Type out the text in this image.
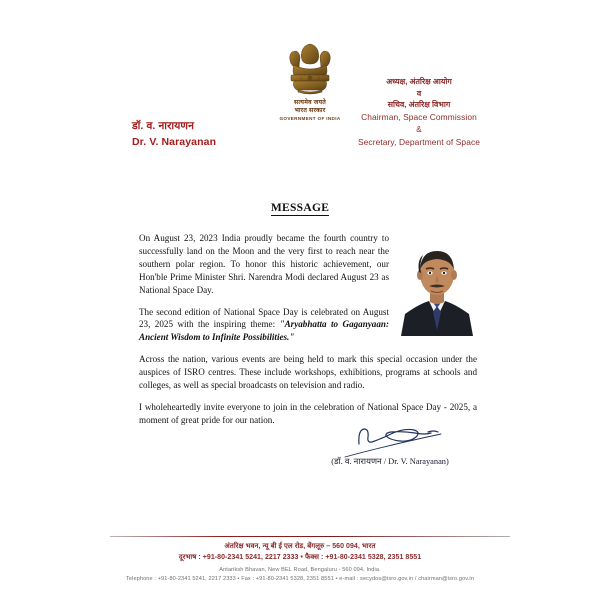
डॉ. व. नारायणन
Dr. V. Narayanan
सत्यमेव जयते
भारत सरकार
GOVERNMENT OF INDIA
अध्यक्ष, अंतरिक्ष आयोग
व
सचिव, अंतरिक्ष विभाग
Chairman, Space Commission
&
Secretary, Department of Space
MESSAGE

On August 23, 2023 India proudly became the fourth country to successfully land on the Moon and the very first to reach near the southern polar region. To honor this historic achievement, our Hon'ble Prime Minister Shri. Narendra Modi declared August 23 as National Space Day.

The second edition of National Space Day is celebrated on August 23, 2025 with the inspiring theme: "Aryabhatta to Gaganyaan: Ancient Wisdom to Infinite Possibilities."

Across the nation, various events are being held to mark this special occasion under the auspices of ISRO centres. These include workshops, exhibitions, programs at schools and colleges, as well as special broadcasts on television and radio.

I wholeheartedly invite everyone to join in the celebration of National Space Day - 2025, a moment of great pride for our nation.

(डॉ. व. नारायणन / Dr. V. Narayanan)
अंतरिक्ष भवन, न्यू बी ई एल रोड, बेंगलूरु – 560 094, भारत
दूरभाष : +91-80-2341 5241, 2217 2333 • फैक्स : +91-80-2341 5328, 2351 8551
Antariksh Bhavan, New BEL Road, Bengaluru - 560 094, India.
Telephone : +91-80-2341 5241, 2217 2333 • Fax : +91-80-2341 5328, 2351 8551 • e-mail : secydos@isro.gov.in / chairman@isro.gov.in
